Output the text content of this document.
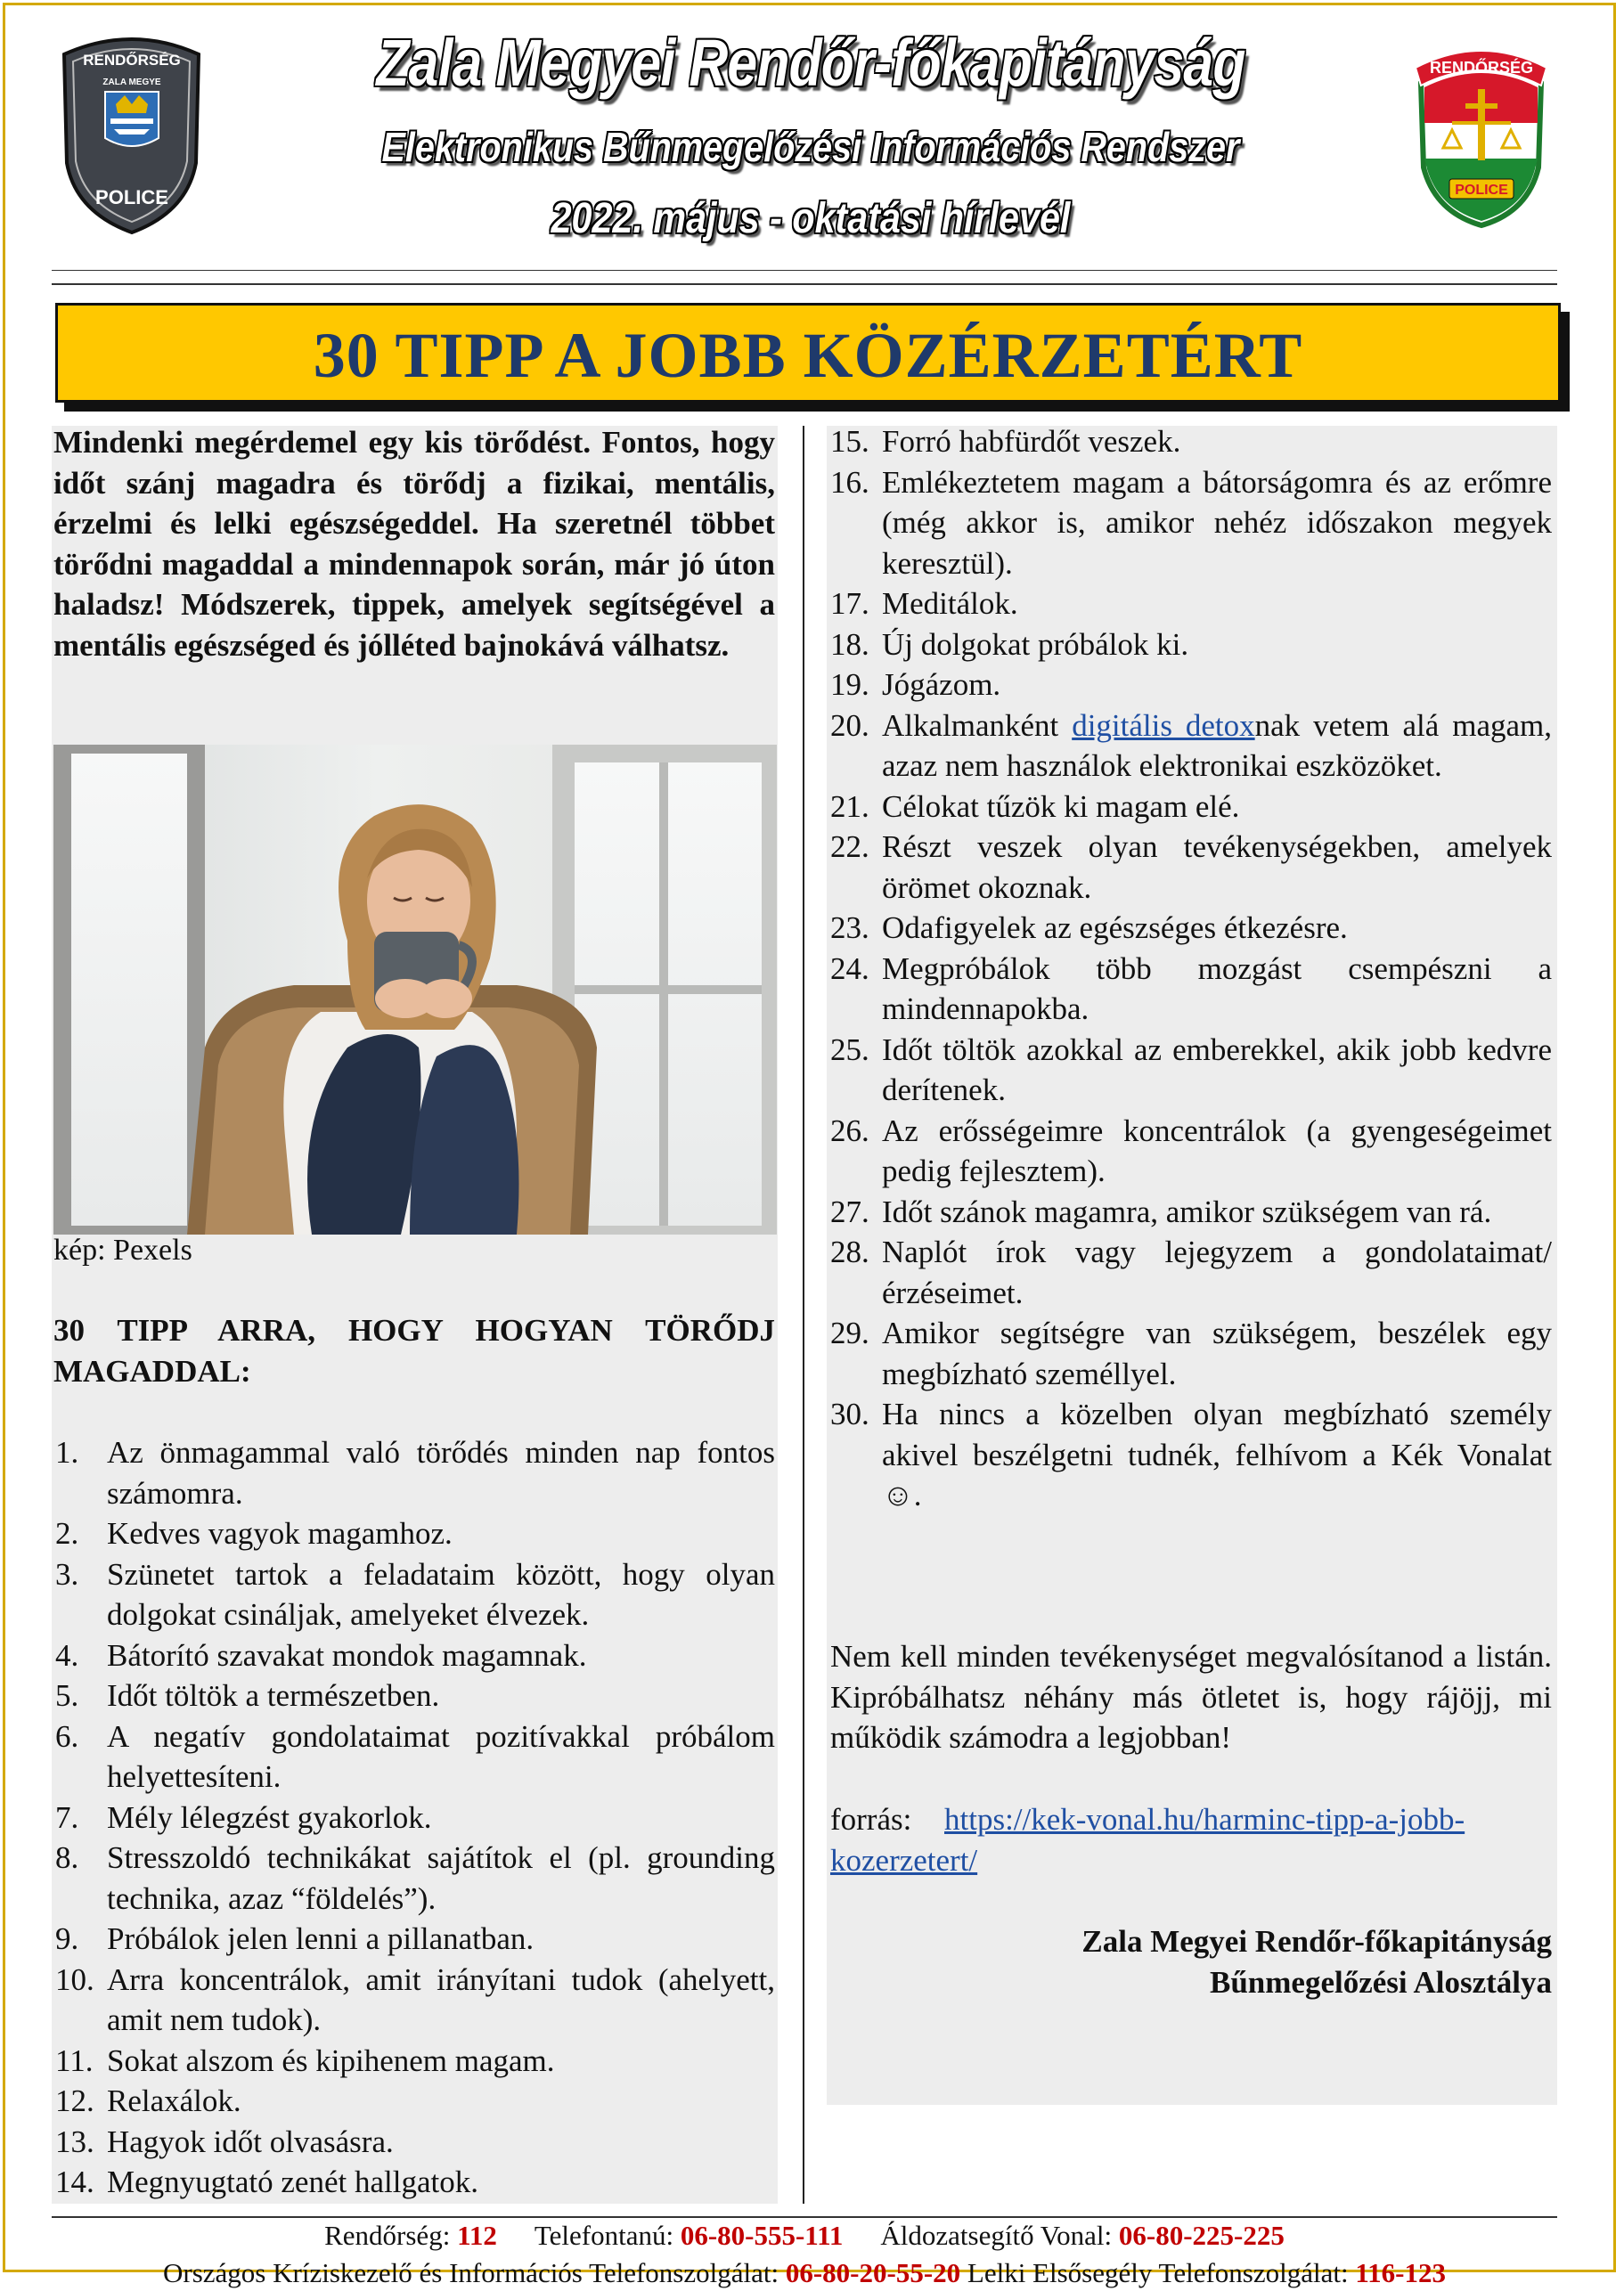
RENDŐRSÉG
ZALA MEGYE
POLICE
Zala Megyei Rendőr-főkapitányság
Elektronikus Bűnmegelőzési Információs Rendszer
2022. május - oktatási hírlevél
RENDŐRSÉG
POLICE
30 TIPP A JOBB KÖZÉRZETÉRT
Mindenki megérdemel egy kis törődést. Fontos, hogy időt szánj magadra és törődj a fizikai, mentális, érzelmi és lelki egészségeddel. Ha szeretnél többet törődni magaddal a mindennapok során, már jó úton haladsz! Módszerek, tippek, amelyek segítségével a mentális egészséged és jólléted bajnokává válhatsz.
kép: Pexels
30 TIPP ARRA, HOGY HOGYAN TÖRŐDJ MAGADDAL:
1. Az önmagammal való törődés minden nap fontos számomra.
2. Kedves vagyok magamhoz.
3. Szünetet tartok a feladataim között, hogy olyan dolgokat csináljak, amelyeket élvezek.
4. Bátorító szavakat mondok magamnak.
5. Időt töltök a természetben.
6. A negatív gondolataimat pozitívakkal próbálom helyettesíteni.
7. Mély lélegzést gyakorlok.
8. Stresszoldó technikákat sajátítok el (pl. grounding technika, azaz “földelés”).
9. Próbálok jelen lenni a pillanatban.
10. Arra koncentrálok, amit irányítani tudok (ahelyett, amit nem tudok).
11. Sokat alszom és kipihenem magam.
12. Relaxálok.
13. Hagyok időt olvasásra.
14. Megnyugtató zenét hallgatok.
15. Forró habfürdőt veszek.
16. Emlékeztetem magam a bátorságomra és az erőmre (még akkor is, amikor nehéz időszakon megyek keresztül).
17. Meditálok.
18. Új dolgokat próbálok ki.
19. Jógázom.
20. Alkalmanként digitális detoxnak vetem alá magam, azaz nem használok elektronikai eszközöket.
21. Célokat tűzök ki magam elé.
22. Részt veszek olyan tevékenységekben, amelyek örömet okoznak.
23. Odafigyelek az egészséges étkezésre.
24. Megpróbálok több mozgást csempészni a mindennapokba.
25. Időt töltök azokkal az emberekkel, akik jobb kedvre derítenek.
26. Az erősségeimre koncentrálok (a gyengeségeimet pedig fejlesztem).
27. Időt szánok magamra, amikor szükségem van rá.
28. Naplót írok vagy lejegyzem a gondolataimat/érzéseimet.
29. Amikor segítségre van szükségem, beszélek egy megbízható személlyel.
30. Ha nincs a közelben olyan megbízható személy akivel beszélgetni tudnék, felhívom a Kék Vonalat ☺.
Nem kell minden tevékenységet megvalósítanod a listán. Kipróbálhatsz néhány más ötletet is, hogy rájöjj, mi működik számodra a legjobban!
forrás: https://kek-vonal.hu/harminc-tipp-a-jobb-kozerzetert/
Zala Megyei Rendőr-főkapitányság
Bűnmegelőzési Alosztálya
Rendőrség: 112 Telefontanú: 06-80-555-111 Áldozatsegítő Vonal: 06-80-225-225
Országos Kríziskezelő és Információs Telefonszolgálat: 06-80-20-55-20 Lelki Elsősegély Telefonszolgálat: 116-123
